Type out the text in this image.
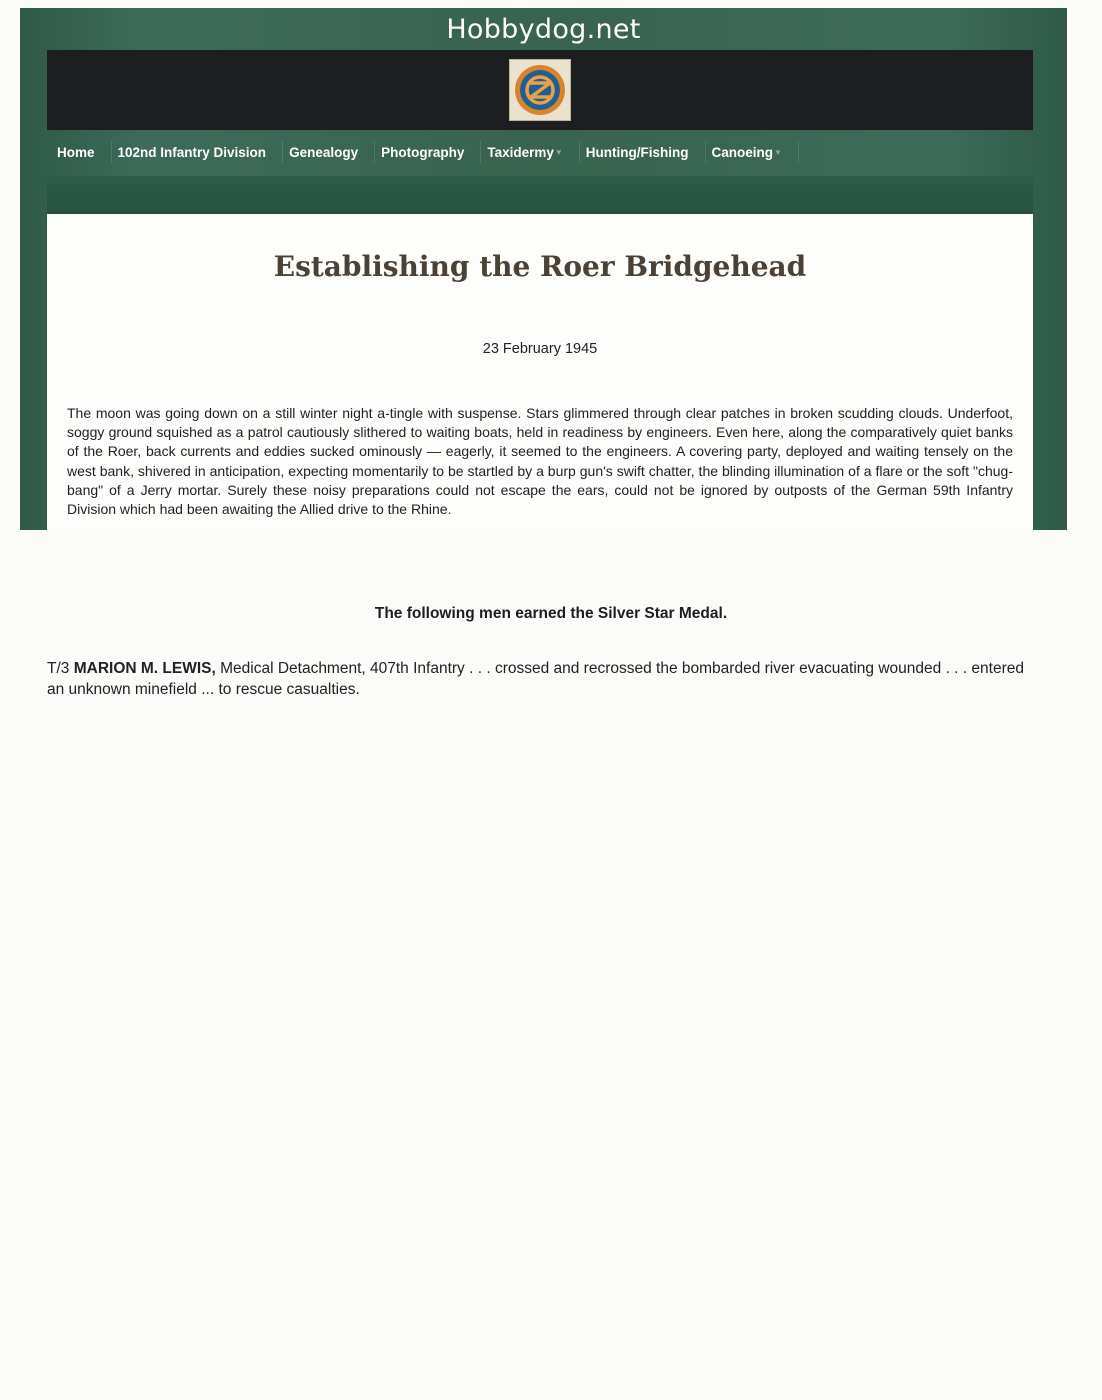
Hobbydog.net
Home	102nd Infantry Division	Genealogy	Photography	Taxidermy▼	Hunting/Fishing	Canoeing▼
Establishing the Roer Bridgehead
23 February 1945

The moon was going down on a still winter night a-tingle with suspense. Stars glimmered through clear patches in broken scudding clouds. Underfoot, soggy ground squished as a patrol cautiously slithered to waiting boats, held in readiness by engineers. Even here, along the comparatively quiet banks of the Roer, back currents and eddies sucked ominously — eagerly, it seemed to the engineers. A covering party, deployed and waiting tensely on the west bank, shivered in anticipation, expecting momentarily to be startled by a burp gun's swift chatter, the blinding illumination of a flare or the soft "chug-bang" of a Jerry mortar. Surely these noisy preparations could not escape the ears, could not be ignored by outposts of the German 59th Infantry Division which had been awaiting the Allied drive to the Rhine.

The following men earned the Silver Star Medal.
T/3 MARION M. LEWIS, Medical Detachment, 407th Infantry . . . crossed and recrossed the bombarded river evacuating wounded . . . entered an unknown minefield ... to rescue casualties.
